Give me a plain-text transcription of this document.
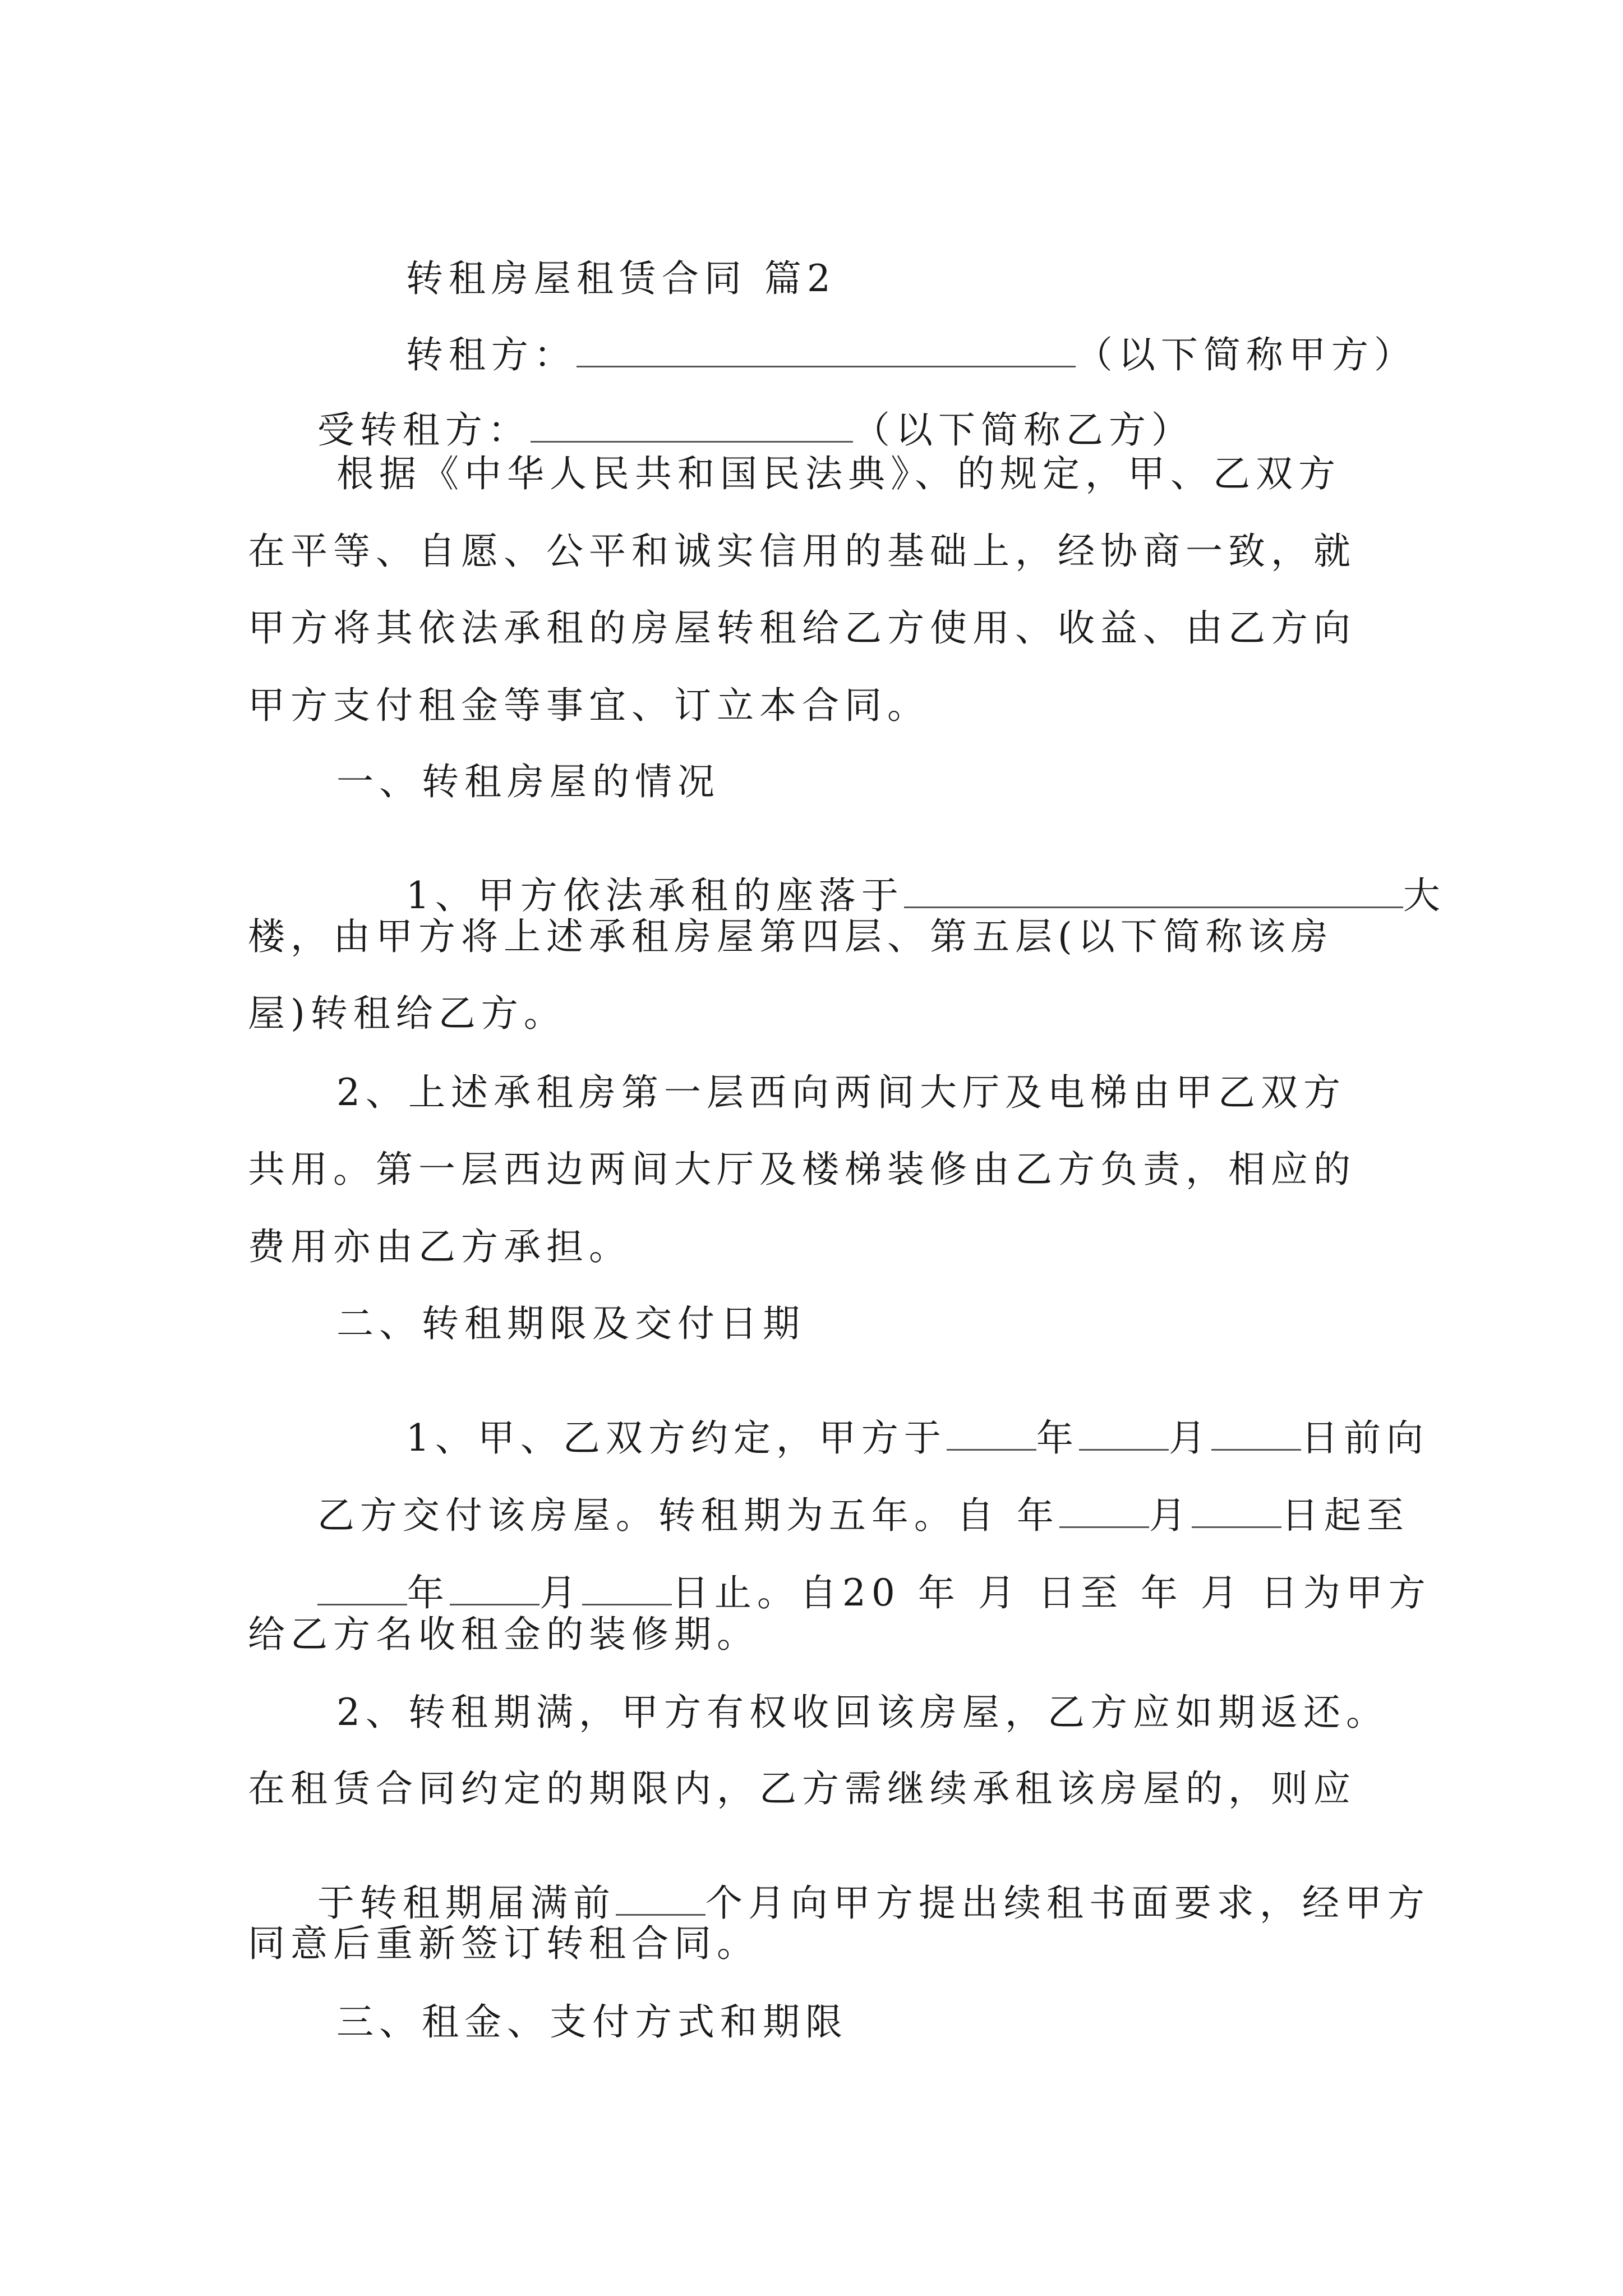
转租房屋租赁合同 篇2

转租方：	（以下简称甲方）

受转租方：	（以下简称乙方）

根据《中华人民共和国民法典》、的规定，甲、乙双方
在平等、自愿、公平和诚实信用的基础上，经协商一致，就
甲方将其依法承租的房屋转租给乙方使用、收益、由乙方向
甲方支付租金等事宜、订立本合同。
一、转租房屋的情况

1、甲方依法承租的座落于	大

楼，由甲方将上述承租房屋第四层、第五层(以下简称该房
屋)转租给乙方。
2、上述承租房第一层西向两间大厅及电梯由甲乙双方
共用。第一层西边两间大厅及楼梯装修由乙方负责，相应的
费用亦由乙方承担。
二、转租期限及交付日期

1、甲、乙双方约定，甲方于 年 月 日前向

乙方交付该房屋。转租期为五年。自 年 月 日起至

年 月 日止。自20 年 月 日至 年 月 日为甲方

给乙方名收租金的装修期。
2、转租期满，甲方有权收回该房屋，乙方应如期返还。
在租赁合同约定的期限内，乙方需继续承租该房屋的，则应

于转租期届满前 个月向甲方提出续租书面要求，经甲方

同意后重新签订转租合同。
三、租金、支付方式和期限
